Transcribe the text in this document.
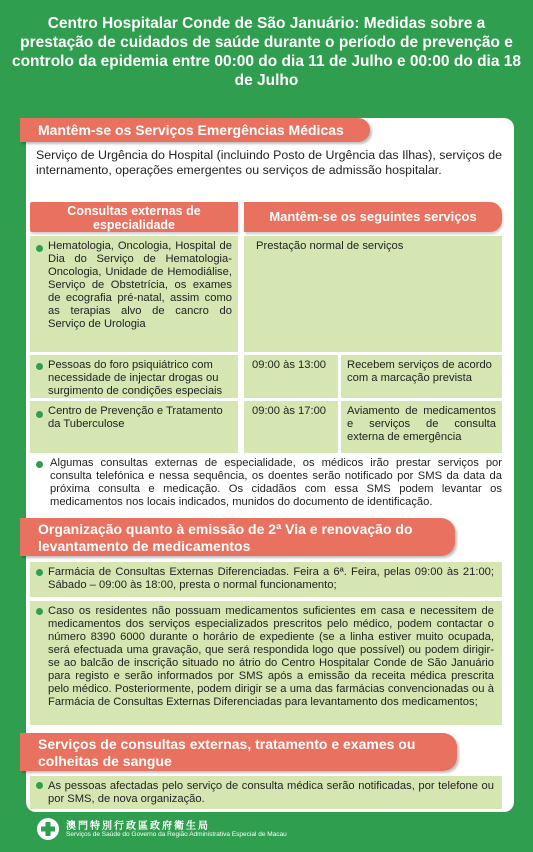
Centro Hospitalar Conde de São Januário: Medidas sobre a prestação de cuidados de saúde durante o período de prevenção e controlo da epidemia entre 00:00 do dia 11 de Julho e 00:00 do dia 18 de Julho
Mantêm-se os Serviços Emergências Médicas
Serviço de Urgência do Hospital (incluindo Posto de Urgência das Ilhas), serviços de internamento, operações emergentes ou serviços de admissão hospitalar.
Consultas externas de especialidade
Mantêm-se os seguintes serviços
Hematologia, Oncologia, Hospital de Dia do Serviço de Hematologia-Oncologia, Unidade de Hemodiálise, Serviço de Obstetrícia, os exames de ecografia pré-natal, assim como as terapias alvo de cancro do Serviço de Urologia
Prestação normal de serviços
Pessoas do foro psiquiátrico com necessidade de injectar drogas ou surgimento de condições especiais
09:00 às 13:00	Recebem serviços de acordo com a marcação prevista
Centro de Prevenção e Tratamento da Tuberculose
09:00 às 17:00	Aviamento de medicamentos e serviços de consulta externa de emergência
Algumas consultas externas de especialidade, os médicos irão prestar serviços por consulta telefónica e nessa sequência, os doentes serão notificado por SMS da data da próxima consulta e medicação. Os cidadãos com essa SMS podem levantar os medicamentos nos locais indicados, munidos do documento de identificação.
Organização quanto à emissão de 2ª Via e renovação do levantamento de medicamentos
Farmácia de Consultas Externas Diferenciadas. Feira a 6ª. Feira, pelas 09:00 às 21:00; Sábado – 09:00 às 18:00, presta o normal funcionamento;
Caso os residentes não possuam medicamentos suficientes em casa e necessitem de medicamentos dos serviços especializados prescritos pelo médico, podem contactar o número 8390 6000 durante o horário de expediente (se a linha estiver muito ocupada, será efectuada uma gravação, que será respondida logo que possível) ou podem dirigir-se ao balcão de inscrição situado no átrio do Centro Hospitalar Conde de São Januário para registo e serão informados por SMS após a emissão da receita médica prescrita pelo médico. Posteriormente, podem dirigir se a uma das farmácias convencionadas ou à Farmácia de Consultas Externas Diferenciadas para levantamento dos medicamentos;
Serviços de consultas externas, tratamento e exames ou colheitas de sangue
As pessoas afectadas pelo serviço de consulta médica serão notificadas, por telefone ou por SMS, de nova organização.
澳門特別行政區政府衛生局
Serviços de Saúde do Governo da Região Administrativa Especial de Macau
